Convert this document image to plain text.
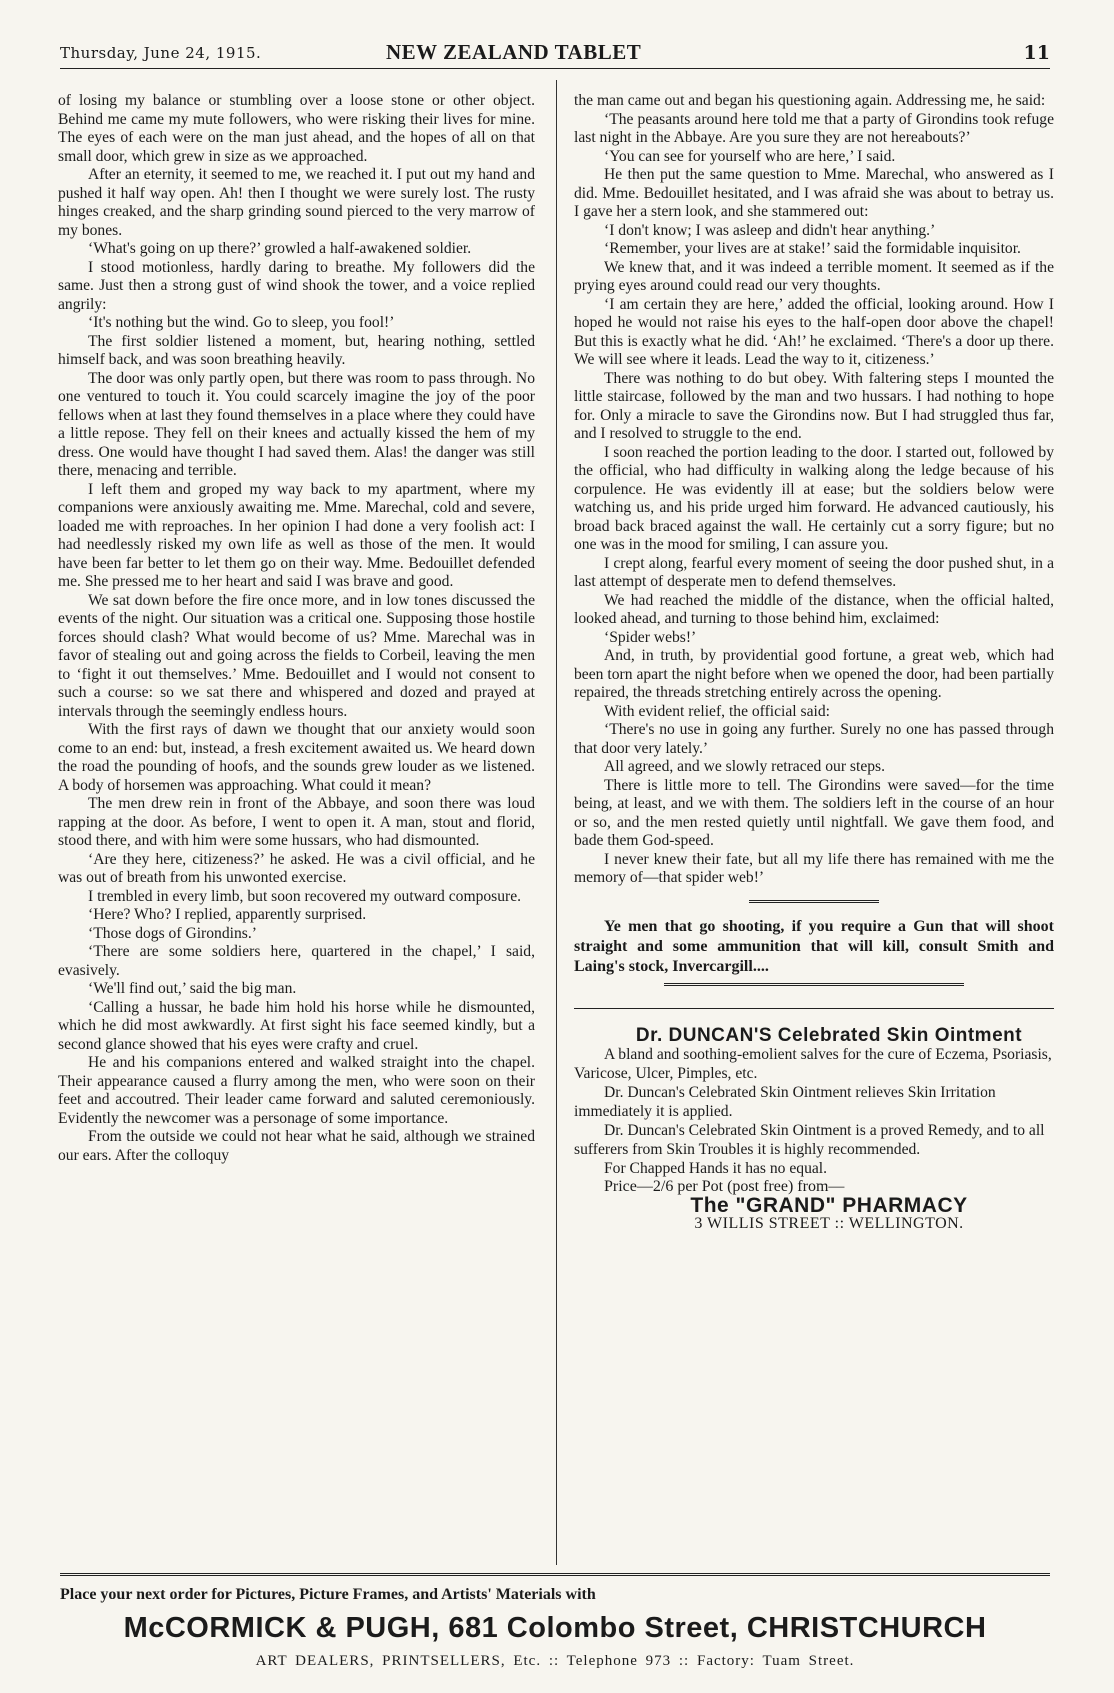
Thursday, June 24, 1915.	NEW ZEALAND TABLET	11

of losing my balance or stumbling over a loose stone or other object. Behind me came my mute followers, who were risking their lives for mine. The eyes of each were on the man just ahead, and the hopes of all on that small door, which grew in size as we approached.

After an eternity, it seemed to me, we reached it. I put out my hand and pushed it half way open. Ah! then I thought we were surely lost. The rusty hinges creaked, and the sharp grinding sound pierced to the very marrow of my bones.

‘What's going on up there?’ growled a half-awakened soldier.

I stood motionless, hardly daring to breathe. My followers did the same. Just then a strong gust of wind shook the tower, and a voice replied angrily:

‘It's nothing but the wind. Go to sleep, you fool!’

The first soldier listened a moment, but, hearing nothing, settled himself back, and was soon breathing heavily.

The door was only partly open, but there was room to pass through. No one ventured to touch it. You could scarcely imagine the joy of the poor fellows when at last they found themselves in a place where they could have a little repose. They fell on their knees and actually kissed the hem of my dress. One would have thought I had saved them. Alas! the danger was still there, menacing and terrible.

I left them and groped my way back to my apartment, where my companions were anxiously awaiting me. Mme. Marechal, cold and severe, loaded me with reproaches. In her opinion I had done a very foolish act: I had needlessly risked my own life as well as those of the men. It would have been far better to let them go on their way. Mme. Bedouillet defended me. She pressed me to her heart and said I was brave and good.

We sat down before the fire once more, and in low tones discussed the events of the night. Our situation was a critical one. Supposing those hostile forces should clash? What would become of us? Mme. Marechal was in favor of stealing out and going across the fields to Corbeil, leaving the men to ‘fight it out themselves.’ Mme. Bedouillet and I would not consent to such a course: so we sat there and whispered and dozed and prayed at intervals through the seemingly endless hours.

With the first rays of dawn we thought that our anxiety would soon come to an end: but, instead, a fresh excitement awaited us. We heard down the road the pounding of hoofs, and the sounds grew louder as we listened. A body of horsemen was approaching. What could it mean?

The men drew rein in front of the Abbaye, and soon there was loud rapping at the door. As before, I went to open it. A man, stout and florid, stood there, and with him were some hussars, who had dismounted.

‘Are they here, citizeness?’ he asked. He was a civil official, and he was out of breath from his unwonted exercise.

I trembled in every limb, but soon recovered my outward composure.

‘Here? Who? I replied, apparently surprised.

‘Those dogs of Girondins.’

‘There are some soldiers here, quartered in the chapel,’ I said, evasively.

‘We'll find out,’ said the big man.

‘Calling a hussar, he bade him hold his horse while he dismounted, which he did most awkwardly. At first sight his face seemed kindly, but a second glance showed that his eyes were crafty and cruel.

He and his companions entered and walked straight into the chapel. Their appearance caused a flurry among the men, who were soon on their feet and accoutred. Their leader came forward and saluted ceremoniously. Evidently the newcomer was a personage of some importance.

From the outside we could not hear what he said, although we strained our ears. After the colloquy

the man came out and began his questioning again. Addressing me, he said:

‘The peasants around here told me that a party of Girondins took refuge last night in the Abbaye. Are you sure they are not hereabouts?’

‘You can see for yourself who are here,’ I said.

He then put the same question to Mme. Marechal, who answered as I did. Mme. Bedouillet hesitated, and I was afraid she was about to betray us. I gave her a stern look, and she stammered out:

‘I don't know; I was asleep and didn't hear anything.’

‘Remember, your lives are at stake!’ said the formidable inquisitor.

We knew that, and it was indeed a terrible moment. It seemed as if the prying eyes around could read our very thoughts.

‘I am certain they are here,’ added the official, looking around. How I hoped he would not raise his eyes to the half-open door above the chapel! But this is exactly what he did. ‘Ah!’ he exclaimed. ‘There's a door up there. We will see where it leads. Lead the way to it, citizeness.’

There was nothing to do but obey. With faltering steps I mounted the little staircase, followed by the man and two hussars. I had nothing to hope for. Only a miracle to save the Girondins now. But I had struggled thus far, and I resolved to struggle to the end.

I soon reached the portion leading to the door. I started out, followed by the official, who had difficulty in walking along the ledge because of his corpulence. He was evidently ill at ease; but the soldiers below were watching us, and his pride urged him forward. He advanced cautiously, his broad back braced against the wall. He certainly cut a sorry figure; but no one was in the mood for smiling, I can assure you.

I crept along, fearful every moment of seeing the door pushed shut, in a last attempt of desperate men to defend themselves.

We had reached the middle of the distance, when the official halted, looked ahead, and turning to those behind him, exclaimed:

‘Spider webs!’

And, in truth, by providential good fortune, a great web, which had been torn apart the night before when we opened the door, had been partially repaired, the threads stretching entirely across the opening.

With evident relief, the official said:

‘There's no use in going any further. Surely no one has passed through that door very lately.’

All agreed, and we slowly retraced our steps.

There is little more to tell. The Girondins were saved—for the time being, at least, and we with them. The soldiers left in the course of an hour or so, and the men rested quietly until nightfall. We gave them food, and bade them God-speed.

I never knew their fate, but all my life there has remained with me the memory of—that spider web!’

Ye men that go shooting, if you require a Gun that will shoot straight and some ammunition that will kill, consult Smith and Laing's stock, Invercargill....

Dr. DUNCAN'S Celebrated Skin Ointment

A bland and soothing-emolient salves for the cure of Eczema, Psoriasis, Varicose, Ulcer, Pimples, etc.

Dr. Duncan's Celebrated Skin Ointment relieves Skin Irritation immediately it is applied.

Dr. Duncan's Celebrated Skin Ointment is a proved Remedy, and to all sufferers from Skin Troubles it is highly recommended.

For Chapped Hands it has no equal.

Price—2/6 per Pot (post free) from—

The "GRAND" PHARMACY

3 WILLIS STREET :: WELLINGTON.

Place your next order for Pictures, Picture Frames, and Artists' Materials with
McCORMICK & PUGH, 681 Colombo Street, CHRISTCHURCH
ART DEALERS, PRINTSELLERS, Etc. :: Telephone 973 :: Factory: Tuam Street.
